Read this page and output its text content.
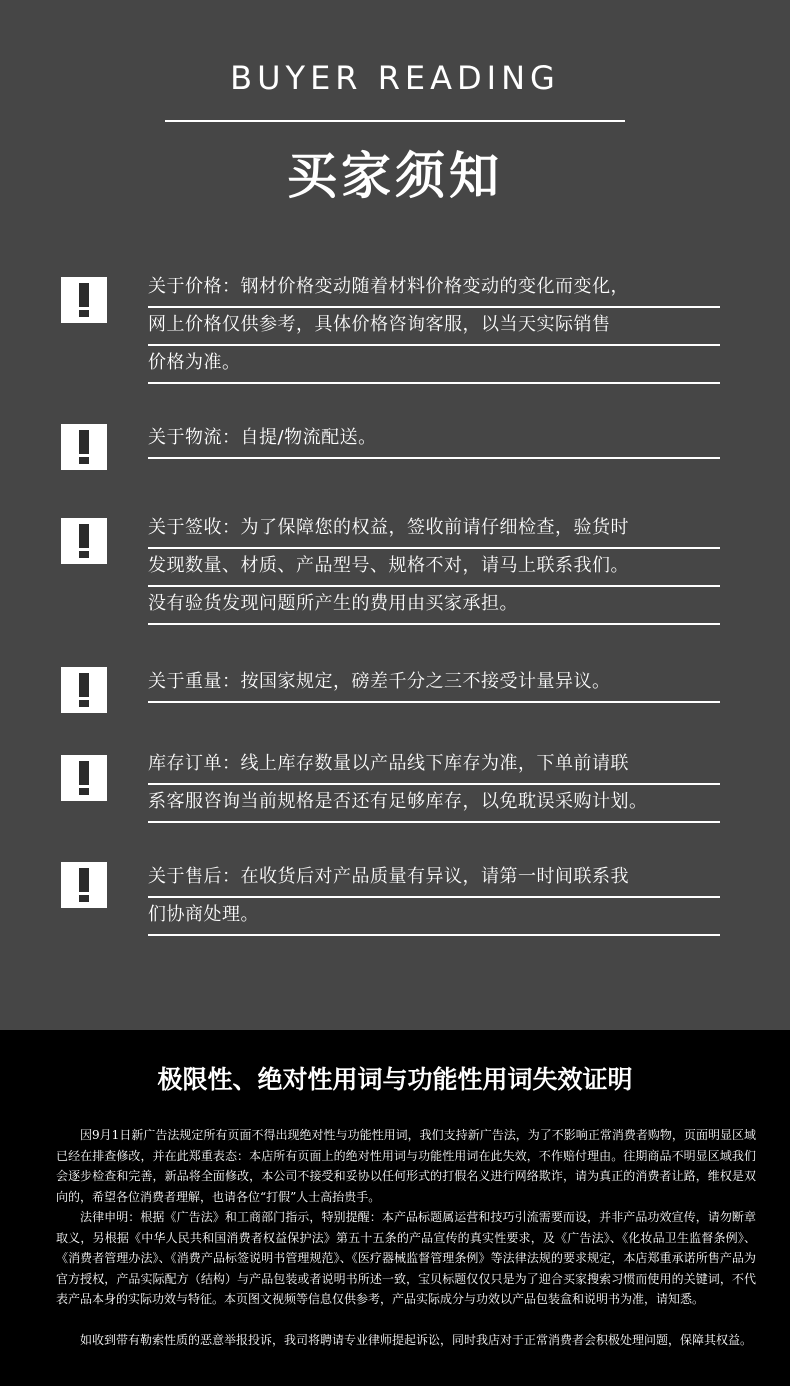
BUYER READING
买家须知
关于价格：钢材价格变动随着材料价格变动的变化而变化，
网上价格仅供参考，具体价格咨询客服，以当天实际销售
价格为准。
关于物流：自提/物流配送。
关于签收：为了保障您的权益，签收前请仔细检查，验货时
发现数量、材质、产品型号、规格不对，请马上联系我们。
没有验货发现问题所产生的费用由买家承担。
关于重量：按国家规定，磅差千分之三不接受计量异议。
库存订单：线上库存数量以产品线下库存为准，下单前请联
系客服咨询当前规格是否还有足够库存，以免耽误采购计划。
关于售后：在收货后对产品质量有异议，请第一时间联系我
们协商处理。
极限性、绝对性用词与功能性用词失效证明
因9月1日新广告法规定所有页面不得出现绝对性与功能性用词，我们支持新广告法，为了不影响正常消费者购物，页面明显区域已经在排查修改，并在此郑重表态：本店所有页面上的绝对性用词与功能性用词在此失效，不作赔付理由。往期商品不明显区域我们会逐步检查和完善，新品将全面修改，本公司不接受和妥协以任何形式的打假名义进行网络欺诈，请为真正的消费者让路，维权是双向的，希望各位消费者理解，也请各位“打假”人士高抬贵手。
法律申明：根据《广告法》和工商部门指示，特别提醒：本产品标题属运营和技巧引流需要而设，并非产品功效宣传，请勿断章取义，另根据《中华人民共和国消费者权益保护法》第五十五条的产品宣传的真实性要求，及《广告法》、《化妆品卫生监督条例》、《消费者管理办法》、《消费产品标签说明书管理规范》、《医疗器械监督管理条例》等法律法规的要求规定，本店郑重承诺所售产品为官方授权，产品实际配方（结构）与产品包装或者说明书所述一致，宝贝标题仅仅只是为了迎合买家搜索习惯而使用的关键词，不代表产品本身的实际功效与特征。本页图文视频等信息仅供参考，产品实际成分与功效以产品包装盒和说明书为准，请知悉。
如收到带有勒索性质的恶意举报投诉，我司将聘请专业律师提起诉讼，同时我店对于正常消费者会积极处理问题，保障其权益。
